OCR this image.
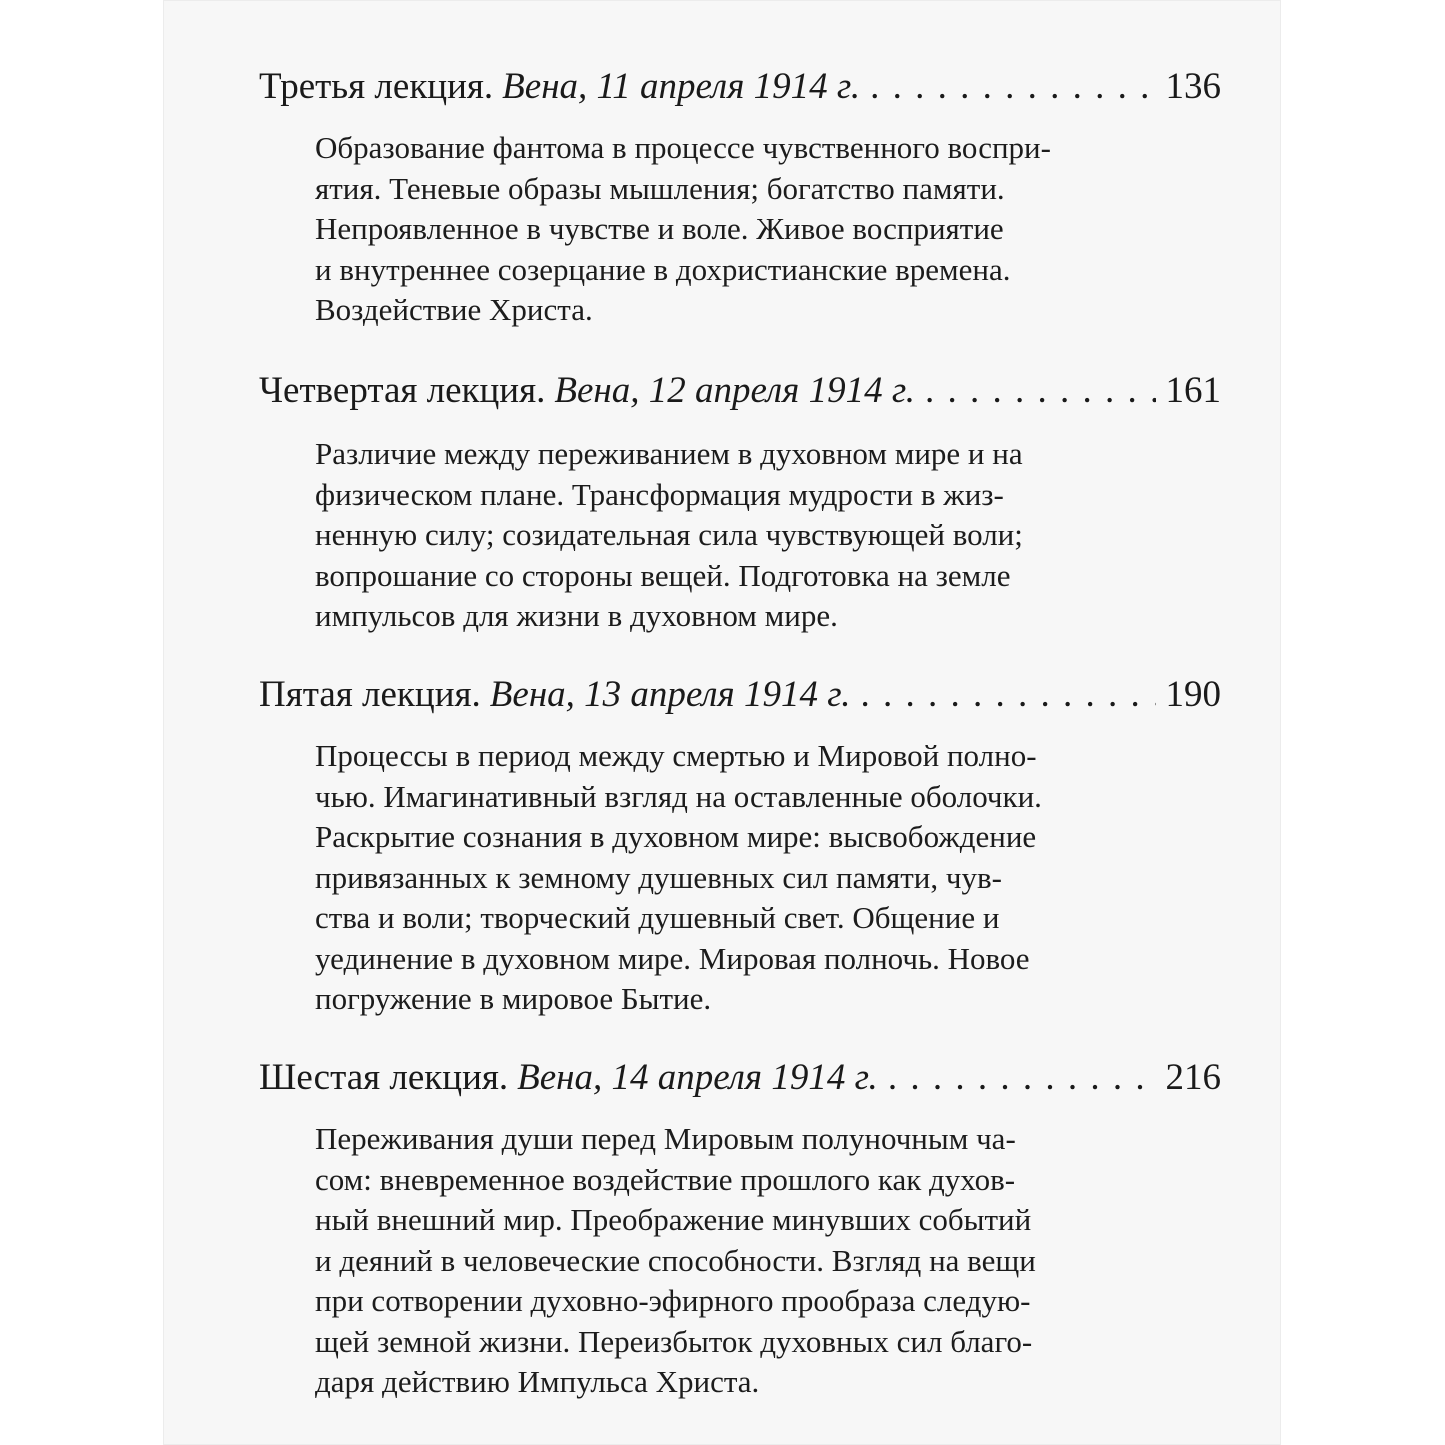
Третья лекция. Вена, 11 апреля 1914 г. . . .	136

Образование фантома в процессе чувственного воспри-
ятия. Теневые образы мышления; богатство памяти.
Непроявленное в чувстве и воле. Живое восприятие
и внутреннее созерцание в дохристианские времена.
Воздействие Христа.

Четвертая лекция. Вена, 12 апреля 1914 г. . . .	161

Различие между переживанием в духовном мире и на
физическом плане. Трансформация мудрости в жиз-
ненную силу; созидательная сила чувствующей воли;
вопрошание со стороны вещей. Подготовка на земле
импульсов для жизни в духовном мире.

Пятая лекция. Вена, 13 апреля 1914 г. . . .	190

Процессы в период между смертью и Мировой полно-
чью. Имагинативный взгляд на оставленные оболочки.
Раскрытие сознания в духовном мире: высвобождение
привязанных к земному душевных сил памяти, чув-
ства и воли; творческий душевный свет. Общение и
уединение в духовном мире. Мировая полночь. Новое
погружение в мировое Бытие.

Шестая лекция. Вена, 14 апреля 1914 г. . . .	216

Переживания души перед Мировым полуночным ча-
сом: вневременное воздействие прошлого как духов-
ный внешний мир. Преображение минувших событий
и деяний в человеческие способности. Взгляд на вещи
при сотворении духовно-эфирного прообраза следую-
щей земной жизни. Переизбыток духовных сил благо-
даря действию Импульса Христа.
